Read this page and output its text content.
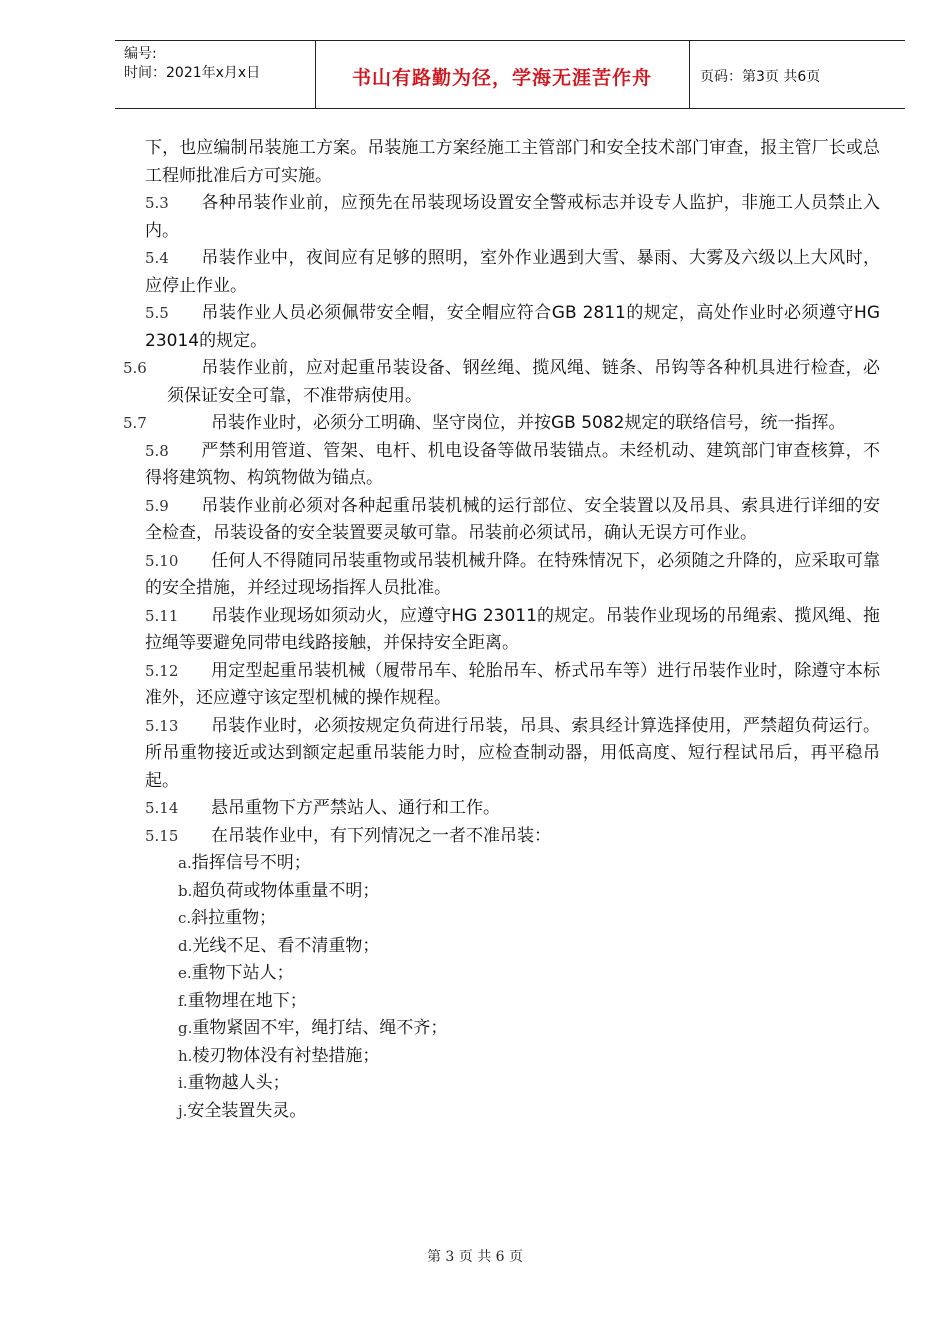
编号:
时间：2021年x月x日	书山有路勤为径，学海无涯苦作舟	页码：第3页 共6页

下，也应编制吊装施工方案。吊装施工方案经施工主管部门和安全技术部门审查，报主管厂长或总工程师批准后方可实施。

5.3 各种吊装作业前，应预先在吊装现场设置安全警戒标志并设专人监护，非施工人员禁止入内。

5.4 吊装作业中，夜间应有足够的照明，室外作业遇到大雪、暴雨、大雾及六级以上大风时，应停止作业。

5.5 吊装作业人员必须佩带安全帽，安全帽应符合GB 2811的规定，高处作业时必须遵守HG 23014的规定。

5.6	吊装作业前，应对起重吊装设备、钢丝绳、揽风绳、链条、吊钩等各种机具进行检查，必须保证安全可靠，不准带病使用。

5.7	吊装作业时，必须分工明确、坚守岗位，并按GB 5082规定的联络信号，统一指挥。

5.8 严禁利用管道、管架、电杆、机电设备等做吊装锚点。未经机动、建筑部门审查核算，不得将建筑物、构筑物做为锚点。

5.9 吊装作业前必须对各种起重吊装机械的运行部位、安全装置以及吊具、索具进行详细的安全检查，吊装设备的安全装置要灵敏可靠。吊装前必须试吊，确认无误方可作业。

5.10 任何人不得随同吊装重物或吊装机械升降。在特殊情况下，必须随之升降的，应采取可靠的安全措施，并经过现场指挥人员批准。

5.11 吊装作业现场如须动火，应遵守HG 23011的规定。吊装作业现场的吊绳索、揽风绳、拖拉绳等要避免同带电线路接触，并保持安全距离。

5.12 用定型起重吊装机械（履带吊车、轮胎吊车、桥式吊车等）进行吊装作业时，除遵守本标准外，还应遵守该定型机械的操作规程。

5.13 吊装作业时，必须按规定负荷进行吊装，吊具、索具经计算选择使用，严禁超负荷运行。所吊重物接近或达到额定起重吊装能力时，应检查制动器，用低高度、短行程试吊后，再平稳吊起。

5.14 悬吊重物下方严禁站人、通行和工作。

5.15 在吊装作业中，有下列情况之一者不准吊装：

a.指挥信号不明；

b.超负荷或物体重量不明；

c.斜拉重物；

d.光线不足、看不清重物；

e.重物下站人；

f.重物埋在地下；

g.重物紧固不牢，绳打结、绳不齐；

h.棱刃物体没有衬垫措施；

i.重物越人头；

j.安全装置失灵。

第 3 页 共 6 页
